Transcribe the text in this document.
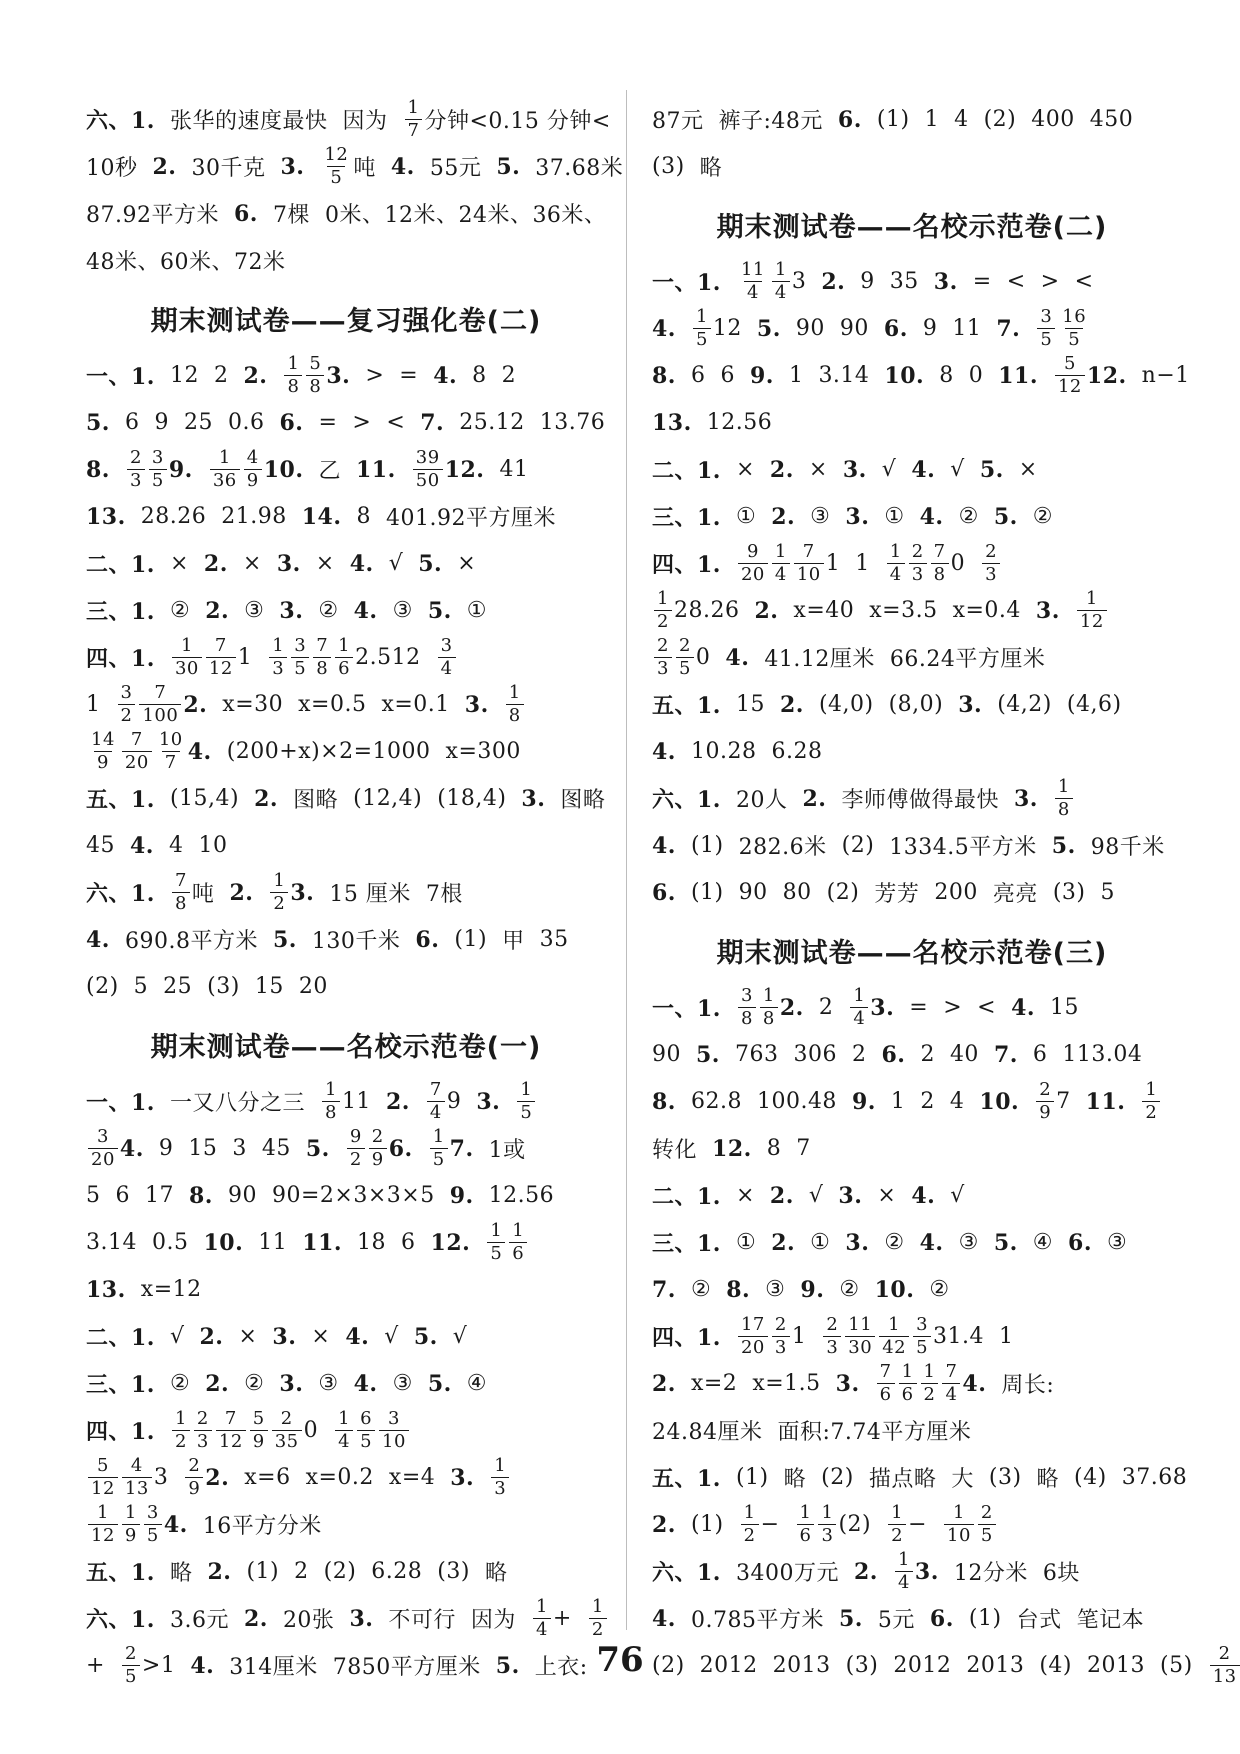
六、1. 张华的速度最快 因为 $\frac{1}{7}$ 分钟<0.15 分钟<
10秒 2. 30千克 3. $\frac{12}{5}$ 吨 4. 55元 5. 37.68米
87.92平方米 6. 7棵 0米、12米、24米、36米、
48米、60米、72米
期末测试卷——复习强化卷(二)
一、1. 12 2 2. $\frac{1}{8} \frac{5}{8} 3$. > = 4. 8 2
5. 6 9 25 0.6 6. = > < 7. 25.12 13.76
8. $\frac{2}{3} \frac{3}{5} 9$. $\frac{1}{36} \frac{4}{9} 10$. 乙 11. $\frac{39}{50} 12$. 41
13. 28.26 21.98 14. 8 401.92平方厘米
二、1. × 2. × 3. × 4. √ 5. ×
三、1. ② 2. ③ 3. ② 4. ③ 5. ①
四、1. $\frac{1}{30} \frac{7}{12} 1 \frac{1}{3} \frac{3}{5} \frac{7}{8} \frac{1}{6} 2.512 \frac{3}{4}$
$1 \frac{3}{2} \frac{7}{100} 2$. x=30 x=0.5 x=0.1 3. $\frac{1}{8}$
$\frac{14}{9} \frac{7}{20} \frac{10}{7} 4$. (200+x)×2=1000 x=300
五、1. (15,4) 2. 图略 (12,4) (18,4) 3. 图略
45 4. 4 10
六、1. $\frac{7}{8}$ 吨 2. $\frac{1}{2} 3$. 15 厘米 7根
4. 690.8平方米 5. 130千米 6. (1) 甲 35
(2) 5 25 (3) 15 20
期末测试卷——名校示范卷(一)
一、1. 一又八分之三 $\frac{1}{8} 11$ 2. $\frac{7}{4} 9$ 3. $\frac{1}{5}$
$\frac{3}{20} 4$. 9 15 3 45 5. $\frac{9}{2} \frac{2}{9} 6$. $\frac{1}{5} 7$. 1或
5 6 17 8. 90 90=2×3×3×5 9. 12.56
3.14 0.5 10. 11 11. 18 6 12. $\frac{1}{5} \frac{1}{6}$
13. x=12
二、1. √ 2. × 3. × 4. √ 5. √
三、1. ② 2. ② 3. ③ 4. ③ 5. ④
四、1. $\frac{1}{2} \frac{2}{3} \frac{7}{12} \frac{5}{9} \frac{2}{35} 0 \frac{1}{4} \frac{6}{5} \frac{3}{10}$
$\frac{5}{12} \frac{4}{13} 3 \frac{2}{9} 2$. x=6 x=0.2 x=4 3. $\frac{1}{3}$
$\frac{1}{12} \frac{1}{9} \frac{3}{5} 4$. 16平方分米
五、1. 略 2. (1) 2 (2) 6.28 (3) 略
六、1. 3.6元 2. 20张 3. 不可行 因为 $\frac{1}{4} + \frac{1}{2}$
+ $\frac{2}{5} >1$ 4. 314厘米 7850平方厘米 5. 上衣:
87元 裤子:48元 6. (1) 1 4 (2) 400 450
(3) 略
期末测试卷——名校示范卷(二)
一、1. $\frac{11}{4} \frac{1}{4} 3$ 2. 9 35 3. = < > <
4. $\frac{1}{5} 12$ 5. 90 90 6. 9 11 7. $\frac{3}{5} \frac{16}{5}$
8. 6 6 9. 1 3.14 10. 8 0 11. $\frac{5}{12} 12$. n−1
13. 12.56
二、1. × 2. × 3. √ 4. √ 5. ×
三、1. ① 2. ③ 3. ① 4. ② 5. ②
四、1. $\frac{9}{20} \frac{1}{4} \frac{7}{10} 1$ $1 \frac{1}{4} \frac{2}{3} \frac{7}{8} 0 \frac{2}{3}$
$\frac{1}{2} 28.26$ 2. x=40 x=3.5 x=0.4 3. $\frac{1}{12}$
$\frac{2}{3} \frac{2}{5} 0$ 4. 41.12厘米 66.24平方厘米
五、1. 15 2. (4,0) (8,0) 3. (4,2) (4,6)
4. 10.28 6.28
六、1. 20人 2. 李师傅做得最快 3. $\frac{1}{8}$
4. (1) 282.6米 (2) 1334.5平方米 5. 98千米
6. (1) 90 80 (2) 芳芳 200 亮亮 (3) 5
期末测试卷——名校示范卷(三)
一、1. $\frac{3}{8} \frac{1}{8} 2$. $2 \frac{1}{4} 3$. = > < 4. 15
90 5. 763 306 2 6. 2 40 7. 6 113.04
8. 62.8 100.48 9. 1 2 4 10. $\frac{2}{9} 7$ 11. $\frac{1}{2}$
转化 12. 8 7
二、1. × 2. √ 3. × 4. √
三、1. ① 2. ① 3. ② 4. ③ 5. ④ 6. ③
7. ② 8. ③ 9. ② 10. ②
四、1. $\frac{17}{20} \frac{2}{3} 1 \frac{2}{3} \frac{11}{30} \frac{1}{42} \frac{3}{5} 31.4$ 1
2. x=2 x=1.5 3. $\frac{7}{6} \frac{1}{6} \frac{1}{2} \frac{7}{4} 4$. 周长:
24.84厘米 面积:7.74平方厘米
五、1. (1) 略 (2) 描点略 大 (3) 略 (4) 37.68
2. $(1) \frac{1}{2} - \frac{1}{6} \frac{1}{3} (2) \frac{1}{2} - \frac{1}{10} \frac{2}{5}$
六、1. 3400万元 2. $\frac{1}{4} 3$. 12分米 6块
4. 0.785平方米 5. 5元 6. (1) 台式 笔记本
(2) 2012 2013 (3) 2012 2013 (4) 2013 $(5) \frac{2}{13}$
76
